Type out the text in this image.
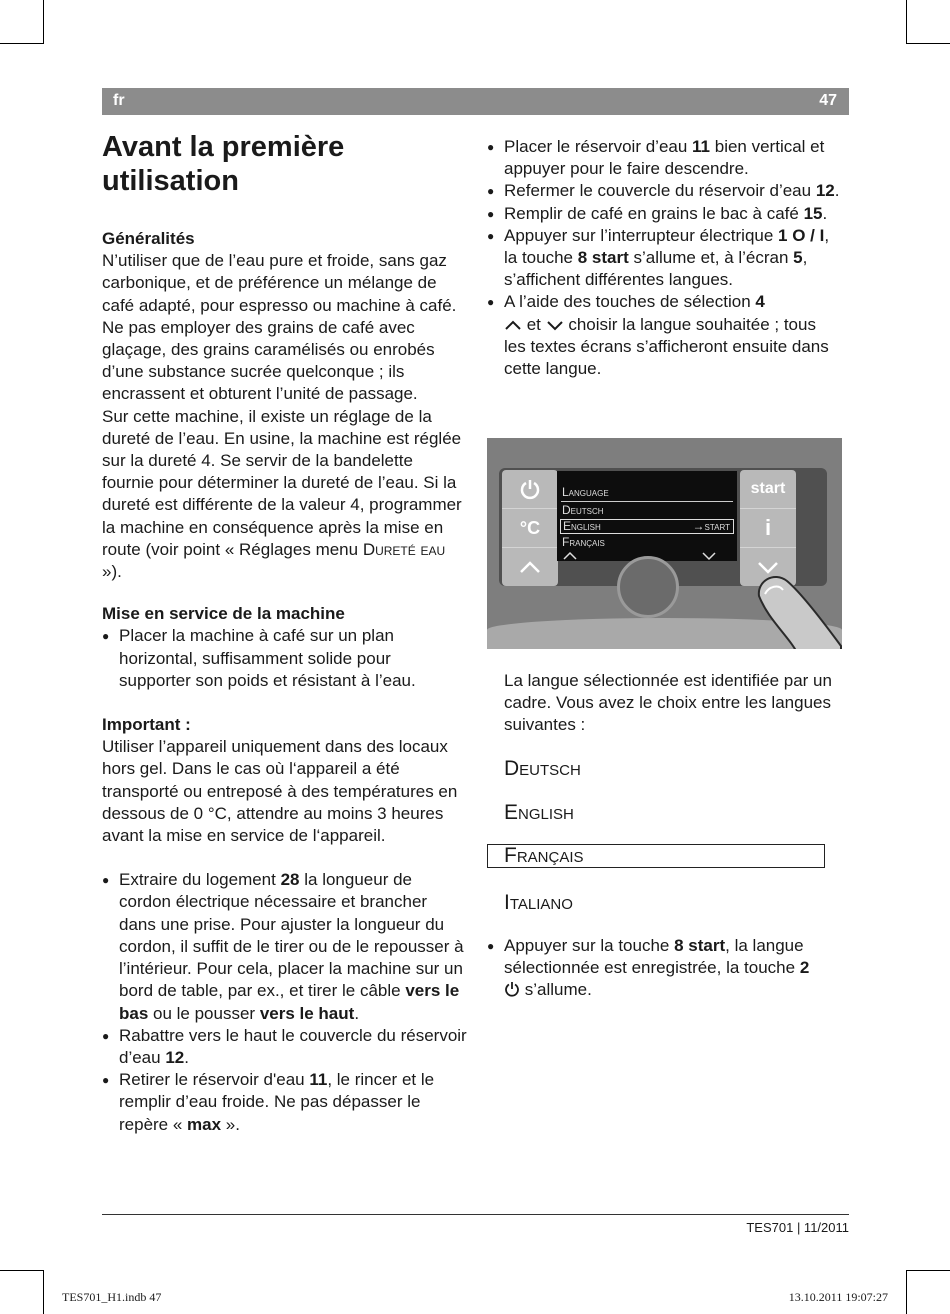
fr	47
Avant la première utilisation

Généralités

N’utiliser que de l’eau pure et froide, sans gaz carbonique, et de préférence un mélange de café adapté, pour espresso ou machine à café. Ne pas employer des grains de café avec glaçage, des grains caramélisés ou enrobés d’une substance sucrée quelconque ; ils encrassent et obturent l’unité de passage.

Sur cette machine, il existe un réglage de la dureté de l’eau. En usine, la machine est réglée sur la dureté 4. Se servir de la bandelette fournie pour déterminer la dureté de l’eau. Si la dureté est différente de la valeur 4, programmer la machine en conséquence après la mise en route (voir point « Réglages menu Dureté eau »).

Mise en service de la machine

● Placer la machine à café sur un plan horizontal, suffisamment solide pour supporter son poids et résistant à l’eau.

Important :

Utiliser l’appareil uniquement dans des locaux hors gel. Dans le cas où l‘appareil a été transporté ou entreposé à des températures en dessous de 0 °C, attendre au moins 3 heures avant la mise en service de l‘appareil.

● Extraire du logement 28 la longueur de cordon électrique nécessaire et brancher dans une prise. Pour ajuster la longueur du cordon, il suffit de le tirer ou de le repousser à l’intérieur. Pour cela, placer la machine sur un bord de table, par ex., et tirer le câble vers le bas ou le pousser vers le haut.
● Rabattre vers le haut le couvercle du réservoir d’eau 12.
● Retirer le réservoir d'eau 11, le rincer et le remplir d’eau froide. Ne pas dépasser le repère « max ».
● Placer le réservoir d’eau 11 bien vertical et appuyer pour le faire descendre.
● Refermer le couvercle du réservoir d’eau 12.
● Remplir de café en grains le bac à café 15.
● Appuyer sur l’interrupteur électrique 1 O / I, la touche 8 start s’allume et, à l’écran 5, s’affichent différentes langues.
● A l’aide des touches de sélection 4
et  choisir la langue souhaitée ; tous les textes écrans s’afficheront ensuite dans cette langue.
°C
Language
Deutsch
English	→start
Français
start
i

La langue sélectionnée est identifiée par un cadre. Vous avez le choix entre les langues suivantes :

Deutsch

English

Français

Italiano

● Appuyer sur la touche 8 start, la langue sélectionnée est enregistrée, la touche 2
s’allume.
TES701 | 11/2011
TES701_H1.indb 47	13.10.2011 19:07:27
